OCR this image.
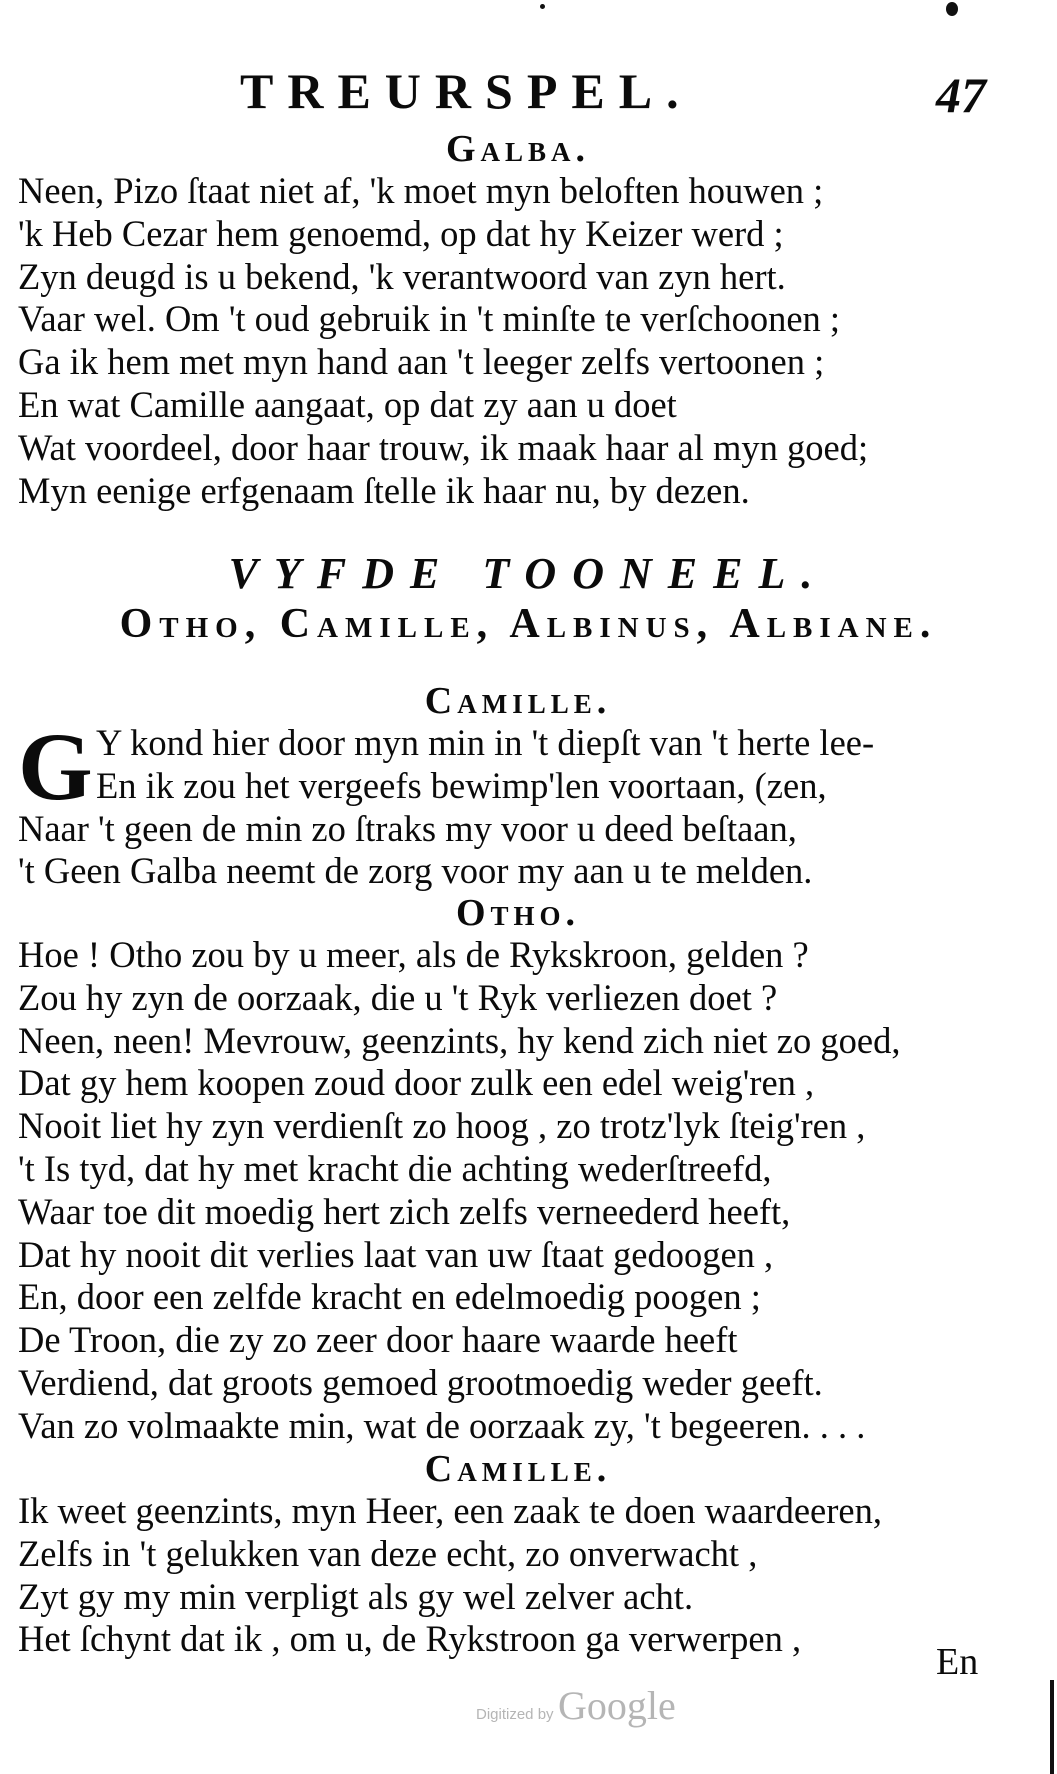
TREURSPEL.	47
Galba.
Neen, Pizo ſtaat niet af, 'k moet myn beloften houwen ;
'k Heb Cezar hem genoemd, op dat hy Keizer werd ;
Zyn deugd is u bekend, 'k verantwoord van zyn hert.
Vaar wel. Om 't oud gebruik in 't minſte te verſchoonen ;
Ga ik hem met myn hand aan 't leeger zelfs vertoonen ;
En wat Camille aangaat, op dat zy aan u doet
Wat voordeel, door haar trouw, ik maak haar al myn goed;
Myn eenige erfgenaam ſtelle ik haar nu, by dezen.
VYFDE TOONEEL.
Otho, Camille, Albinus, Albiane.
Camille.
G Y kond hier door myn min in 't diepſt van 't herte lee-
En ik zou het vergeefs bewimp'len voortaan, (zen,
Naar 't geen de min zo ſtraks my voor u deed beſtaan,
't Geen Galba neemt de zorg voor my aan u te melden.
Otho.
Hoe ! Otho zou by u meer, als de Rykskroon, gelden ?
Zou hy zyn de oorzaak, die u 't Ryk verliezen doet ?
Neen, neen! Mevrouw, geenzints, hy kend zich niet zo goed,
Dat gy hem koopen zoud door zulk een edel weig'ren ,
Nooit liet hy zyn verdienſt zo hoog , zo trotz'lyk ſteig'ren ,
't Is tyd, dat hy met kracht die achting wederſtreefd,
Waar toe dit moedig hert zich zelfs verneederd heeft,
Dat hy nooit dit verlies laat van uw ſtaat gedoogen ,
En, door een zelfde kracht en edelmoedig poogen ;
De Troon, die zy zo zeer door haare waarde heeft
Verdiend, dat groots gemoed grootmoedig weder geeft.
Van zo volmaakte min, wat de oorzaak zy, 't begeeren. . . .
Camille.
Ik weet geenzints, myn Heer, een zaak te doen waardeeren,
Zelfs in 't gelukken van deze echt, zo onverwacht ,
Zyt gy my min verpligt als gy wel zelver acht.
Het ſchynt dat ik , om u, de Rykstroon ga verwerpen ,
En
Digitized by Google
